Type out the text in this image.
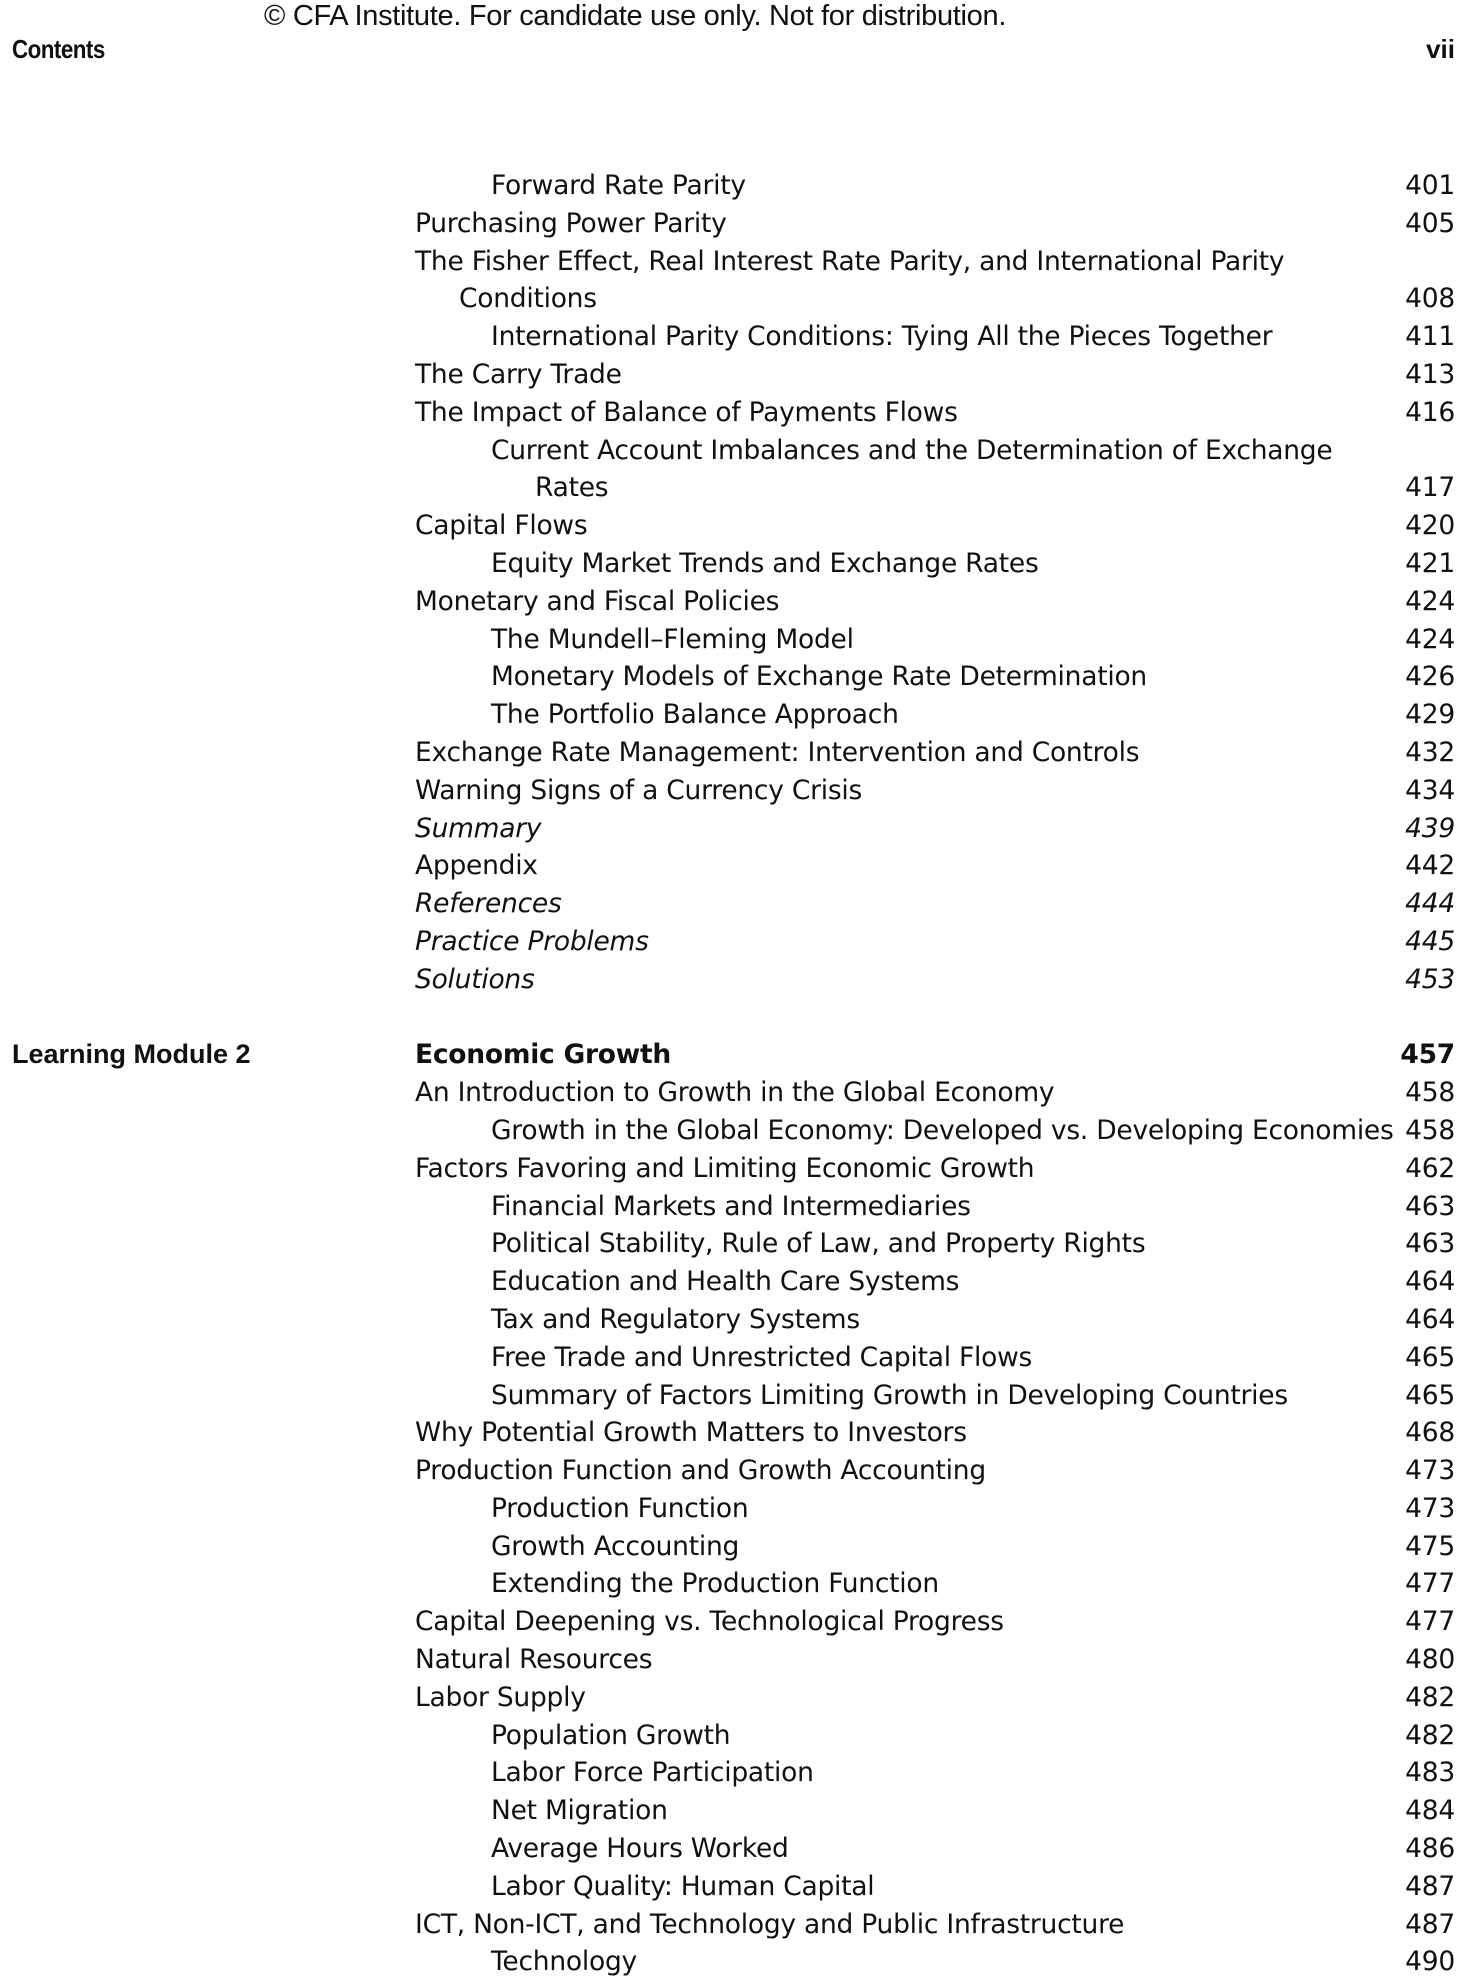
© CFA Institute. For candidate use only. Not for distribution.
Contents	vii
Forward Rate Parity	401
Purchasing Power Parity	405
The Fisher Effect, Real Interest Rate Parity, and International Parity
Conditions	408
International Parity Conditions: Tying All the Pieces Together	411
The Carry Trade	413
The Impact of Balance of Payments Flows	416
Current Account Imbalances and the Determination of Exchange
Rates	417
Capital Flows	420
Equity Market Trends and Exchange Rates	421
Monetary and Fiscal Policies	424
The Mundell–Fleming Model	424
Monetary Models of Exchange Rate Determination	426
The Portfolio Balance Approach	429
Exchange Rate Management: Intervention and Controls	432
Warning Signs of a Currency Crisis	434
Summary	439
Appendix	442
References	444
Practice Problems	445
Solutions	453
Learning Module 2	Economic Growth	457
An Introduction to Growth in the Global Economy	458
Growth in the Global Economy: Developed vs. Developing Economies 458
Factors Favoring and Limiting Economic Growth	462
Financial Markets and Intermediaries	463
Political Stability, Rule of Law, and Property Rights	463
Education and Health Care Systems	464
Tax and Regulatory Systems	464
Free Trade and Unrestricted Capital Flows	465
Summary of Factors Limiting Growth in Developing Countries	465
Why Potential Growth Matters to Investors	468
Production Function and Growth Accounting	473
Production Function	473
Growth Accounting	475
Extending the Production Function	477
Capital Deepening vs. Technological Progress	477
Natural Resources	480
Labor Supply	482
Population Growth	482
Labor Force Participation	483
Net Migration	484
Average Hours Worked	486
Labor Quality: Human Capital	487
ICT, Non-ICT, and Technology and Public Infrastructure	487
Technology	490
